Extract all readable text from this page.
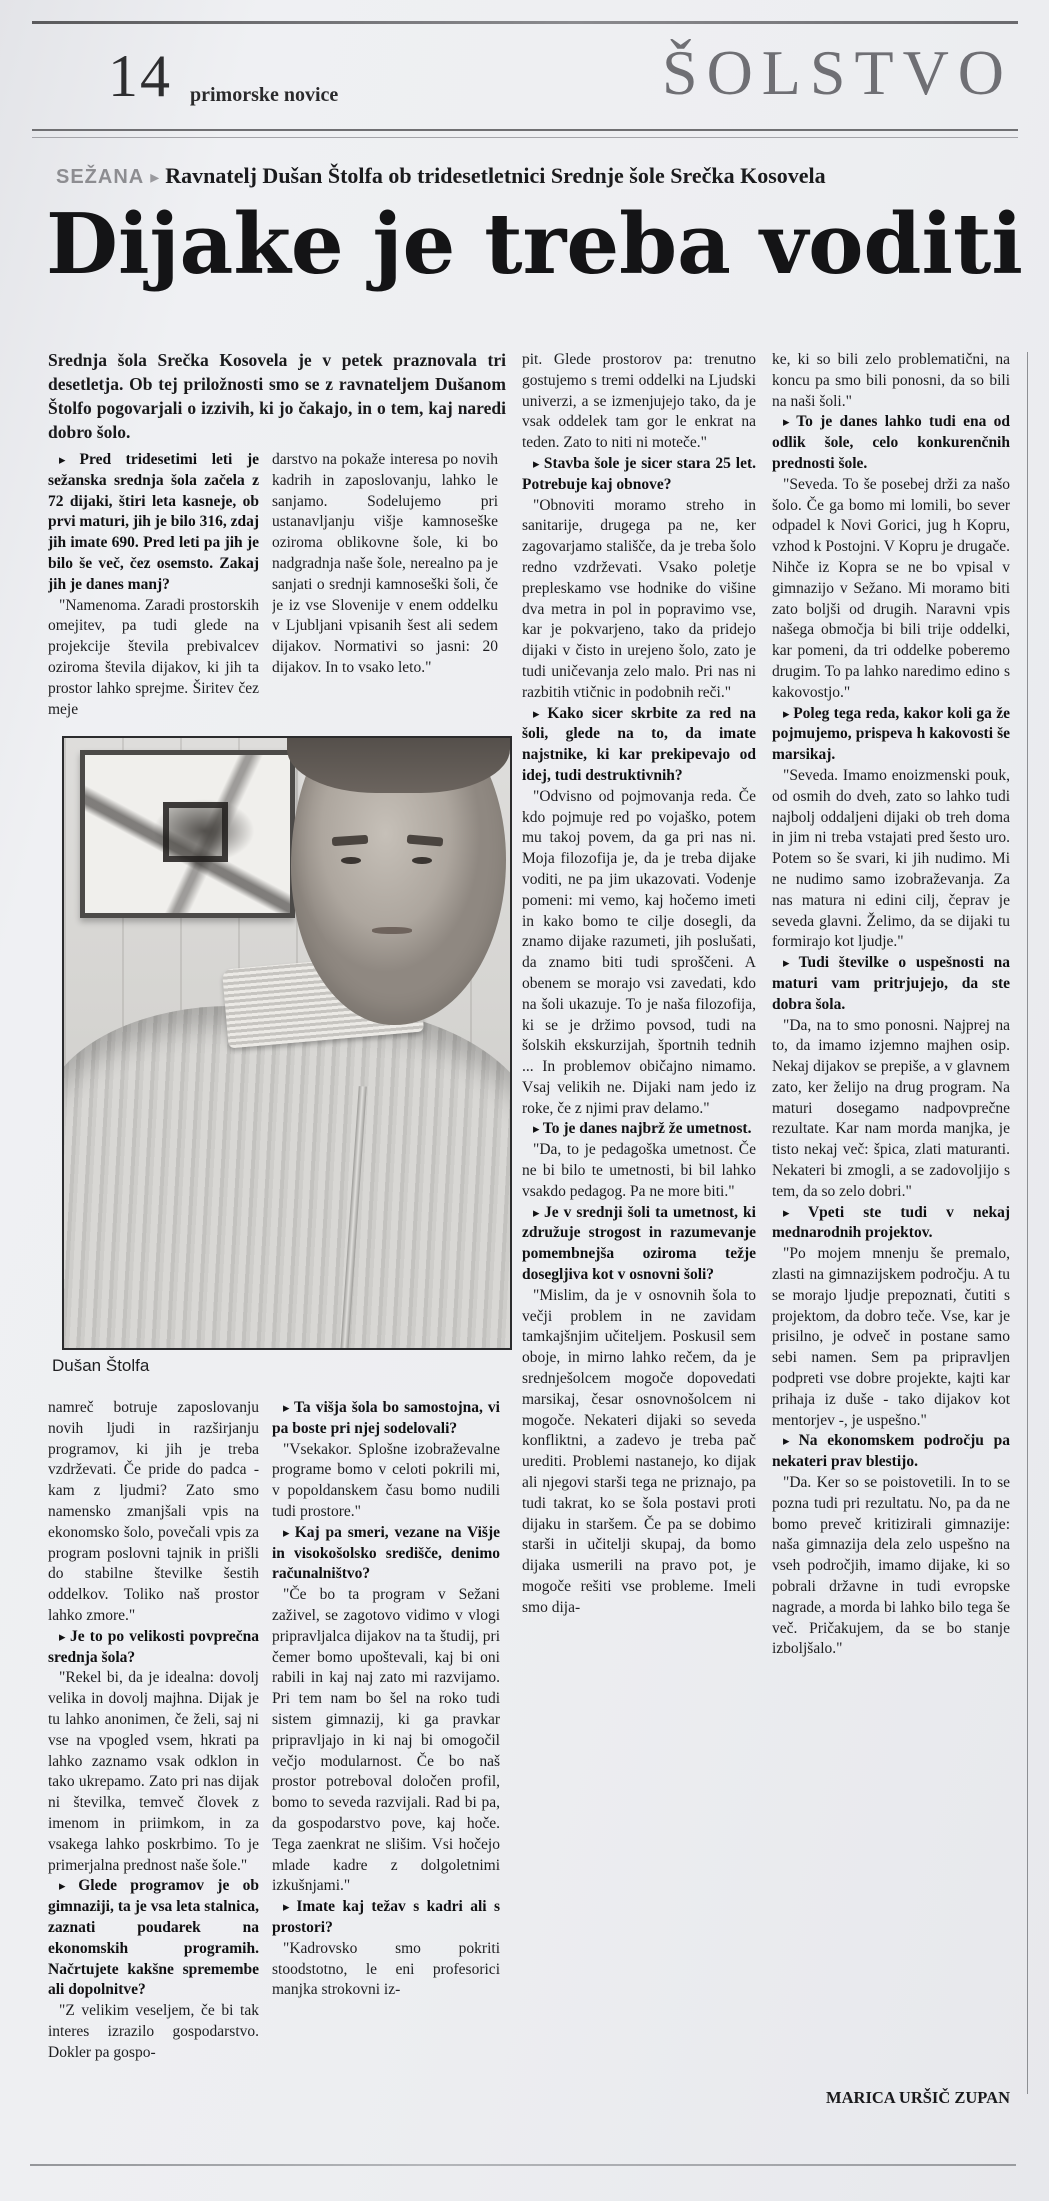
14 primorske novice	ŠOLSTVO
SEŽANA ▸ Ravnatelj Dušan Štolfa ob tridesetletnici Srednje šole Srečka Kosovela
Dijake je treba voditi
Srednja šola Srečka Kosovela je v petek praznovala tri desetletja. Ob tej priložnosti smo se z ravnateljem Dušanom Štolfo pogovarjali o izzivih, ki jo čakajo, in o tem, kaj naredi dobro šolo.

▸ Pred tridesetimi leti je sežanska srednja šola začela z 72 dijaki, štiri leta kasneje, ob prvi maturi, jih je bilo 316, zdaj jih imate 690. Pred leti pa jih je bilo še več, čez osemsto. Zakaj jih je danes manj?

"Namenoma. Zaradi prostorskih omejitev, pa tudi glede na projekcije števila prebivalcev oziroma števila dijakov, ki jih ta prostor lahko sprejme. Širitev čez meje

darstvo na pokaže interesa po novih kadrih in zaposlovanju, lahko le sanjamo. Sodelujemo pri ustanavljanju višje kamnoseške oziroma oblikovne šole, ki bo nadgradnja naše šole, nerealno pa je sanjati o srednji kamnoseški šoli, če je iz vse Slovenije v enem oddelku v Ljubljani vpisanih šest ali sedem dijakov. Normativi so jasni: 20 dijakov. In to vsako leto."

Dušan Štolfa

namreč botruje zaposlovanju novih ljudi in razširjanju programov, ki jih je treba vzdrževati. Če pride do padca - kam z ljudmi? Zato smo namensko zmanjšali vpis na ekonomsko šolo, povečali vpis za program poslovni tajnik in prišli do stabilne številke šestih oddelkov. Toliko naš prostor lahko zmore."

▸ Je to po velikosti povprečna srednja šola?

"Rekel bi, da je idealna: dovolj velika in dovolj majhna. Dijak je tu lahko anonimen, če želi, saj ni vse na vpogled vsem, hkrati pa lahko zaznamo vsak odklon in tako ukrepamo. Zato pri nas dijak ni številka, temveč človek z imenom in priimkom, in za vsakega lahko poskrbimo. To je primerjalna prednost naše šole."

▸ Glede programov je ob gimnaziji, ta je vsa leta stalnica, zaznati poudarek na ekonomskih programih. Načrtujete kakšne spremembe ali dopolnitve?

"Z velikim veseljem, če bi tak interes izrazilo gospodarstvo. Dokler pa gospo-

▸ Ta višja šola bo samostojna, vi pa boste pri njej sodelovali?

"Vsekakor. Splošne izobraževalne programe bomo v celoti pokrili mi, v popoldanskem času bomo nudili tudi prostore."

▸ Kaj pa smeri, vezane na Višje in visokošolsko središče, denimo računalništvo?

"Če bo ta program v Sežani zaživel, se zagotovo vidimo v vlogi pripravljalca dijakov na ta študij, pri čemer bomo upoštevali, kaj bi oni rabili in kaj naj zato mi razvijamo. Pri tem nam bo šel na roko tudi sistem gimnazij, ki ga pravkar pripravljajo in ki naj bi omogočil večjo modularnost. Če bo naš prostor potreboval določen profil, bomo to seveda razvijali. Rad bi pa, da gospodarstvo pove, kaj hoče. Tega zaenkrat ne slišim. Vsi hočejo mlade kadre z dolgoletnimi izkušnjami."

▸ Imate kaj težav s kadri ali s prostori?

"Kadrovsko smo pokriti stoodstotno, le eni profesorici manjka strokovni iz-

pit. Glede prostorov pa: trenutno gostujemo s tremi oddelki na Ljudski univerzi, a se izmenjujejo tako, da je vsak oddelek tam gor le enkrat na teden. Zato to niti ni moteče."

▸ Stavba šole je sicer stara 25 let. Potrebuje kaj obnove?

"Obnoviti moramo streho in sanitarije, drugega pa ne, ker zagovarjamo stališče, da je treba šolo redno vzdrževati. Vsako poletje prepleskamo vse hodnike do višine dva metra in pol in popravimo vse, kar je pokvarjeno, tako da pridejo dijaki v čisto in urejeno šolo, zato je tudi uničevanja zelo malo. Pri nas ni razbitih vtičnic in podobnih reči."

▸ Kako sicer skrbite za red na šoli, glede na to, da imate najstnike, ki kar prekipevajo od idej, tudi destruktivnih?

"Odvisno od pojmovanja reda. Če kdo pojmuje red po vojaško, potem mu takoj povem, da ga pri nas ni. Moja filozofija je, da je treba dijake voditi, ne pa jim ukazovati. Vodenje pomeni: mi vemo, kaj hočemo imeti in kako bomo te cilje dosegli, da znamo dijake razumeti, jih poslušati, da znamo biti tudi sproščeni. A obenem se morajo vsi zavedati, kdo na šoli ukazuje. To je naša filozofija, ki se je držimo povsod, tudi na šolskih ekskurzijah, športnih tednih ... In problemov običajno nimamo. Vsaj velikih ne. Dijaki nam jedo iz roke, če z njimi prav delamo."

▸ To je danes najbrž že umetnost.

"Da, to je pedagoška umetnost. Če ne bi bilo te umetnosti, bi bil lahko vsakdo pedagog. Pa ne more biti."

▸ Je v srednji šoli ta umetnost, ki združuje strogost in razumevanje pomembnejša oziroma težje dosegljiva kot v osnovni šoli?

"Mislim, da je v osnovnih šola to večji problem in ne zavidam tamkajšnjim učiteljem. Poskusil sem oboje, in mirno lahko rečem, da je srednješolcem mogoče dopovedati marsikaj, česar osnovnošolcem ni mogoče. Nekateri dijaki so seveda konfliktni, a zadevo je treba pač urediti. Problemi nastanejo, ko dijak ali njegovi starši tega ne priznajo, pa tudi takrat, ko se šola postavi proti dijaku in staršem. Če pa se dobimo starši in učitelji skupaj, da bomo dijaka usmerili na pravo pot, je mogoče rešiti vse probleme. Imeli smo dija-

ke, ki so bili zelo problematični, na koncu pa smo bili ponosni, da so bili na naši šoli."

▸ To je danes lahko tudi ena od odlik šole, celo konkurenčnih prednosti šole.

"Seveda. To še posebej drži za našo šolo. Če ga bomo mi lomili, bo sever odpadel k Novi Gorici, jug h Kopru, vzhod k Postojni. V Kopru je drugače. Nihče iz Kopra se ne bo vpisal v gimnazijo v Sežano. Mi moramo biti zato boljši od drugih. Naravni vpis našega območja bi bili trije oddelki, kar pomeni, da tri oddelke poberemo drugim. To pa lahko naredimo edino s kakovostjo."

▸ Poleg tega reda, kakor koli ga že pojmujemo, prispeva h kakovosti še marsikaj.

"Seveda. Imamo enoizmenski pouk, od osmih do dveh, zato so lahko tudi najbolj oddaljeni dijaki ob treh doma in jim ni treba vstajati pred šesto uro. Potem so še svari, ki jih nudimo. Mi ne nudimo samo izobraževanja. Za nas matura ni edini cilj, čeprav je seveda glavni. Želimo, da se dijaki tu formirajo kot ljudje."

▸ Tudi številke o uspešnosti na maturi vam pritrjujejo, da ste dobra šola.

"Da, na to smo ponosni. Najprej na to, da imamo izjemno majhen osip. Nekaj dijakov se prepiše, a v glavnem zato, ker želijo na drug program. Na maturi dosegamo nadpovprečne rezultate. Kar nam morda manjka, je tisto nekaj več: špica, zlati maturanti. Nekateri bi zmogli, a se zadovoljijo s tem, da so zelo dobri."

▸ Vpeti ste tudi v nekaj mednarodnih projektov.

"Po mojem mnenju še premalo, zlasti na gimnazijskem področju. A tu se morajo ljudje prepoznati, čutiti s projektom, da dobro teče. Vse, kar je prisilno, je odveč in postane samo sebi namen. Sem pa pripravljen podpreti vse dobre projekte, kajti kar prihaja iz duše - tako dijakov kot mentorjev -, je uspešno."

▸ Na ekonomskem področju pa nekateri prav blestijo.

"Da. Ker so se poistovetili. In to se pozna tudi pri rezultatu. No, pa da ne bomo preveč kritizirali gimnazije: naša gimnazija dela zelo uspešno na vseh področjih, imamo dijake, ki so pobrali državne in tudi evropske nagrade, a morda bi lahko bilo tega še več. Pričakujem, da se bo stanje izboljšalo."

MARICA URŠIČ ZUPAN
